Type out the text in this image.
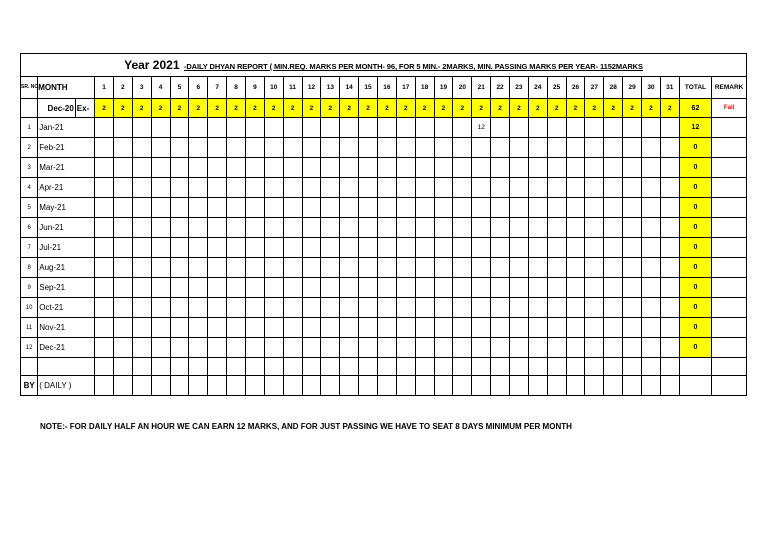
Year 2021 -DAILY DHYAN REPORT ( MIN.REQ. MARKS PER MONTH- 96, FOR 5 MIN.- 2MARKS, MIN. PASSING MARKS PER YEAR- 1152MARKS
SR. NO.	MONTH		1	2	3	4	5	6	7	8	9	10	11	12	13	14	15	16	17	18	19	20	21	22	23	24	25	26	27	28	29	30	31	TOTAL	REMARK
	Dec-20	Ex-	2	2	2	2	2	2	2	2	2	2	2	2	2	2	2	2	2	2	2	2	2	2	2	2	2	2	2	2	2	2	2	62	Fail
1	Jan-21																						12											12	
2	Feb-21																																	0	
3	Mar-21																																	0	
4	Apr-21																																	0	
5	May-21																																	0	
6	Jun-21																																	0	
7	Jul-21																																	0	
8	Aug-21																																	0	
9	Sep-21																																	0	
10	Oct-21																																	0	
11	Nov-21																																	0	
12	Dec-21																																	0	

BY	( DAILY )																																		
NOTE:- FOR DAILY HALF AN HOUR WE CAN EARN 12 MARKS, AND FOR JUST PASSING WE HAVE TO SEAT 8 DAYS MINIMUM PER MONTH
